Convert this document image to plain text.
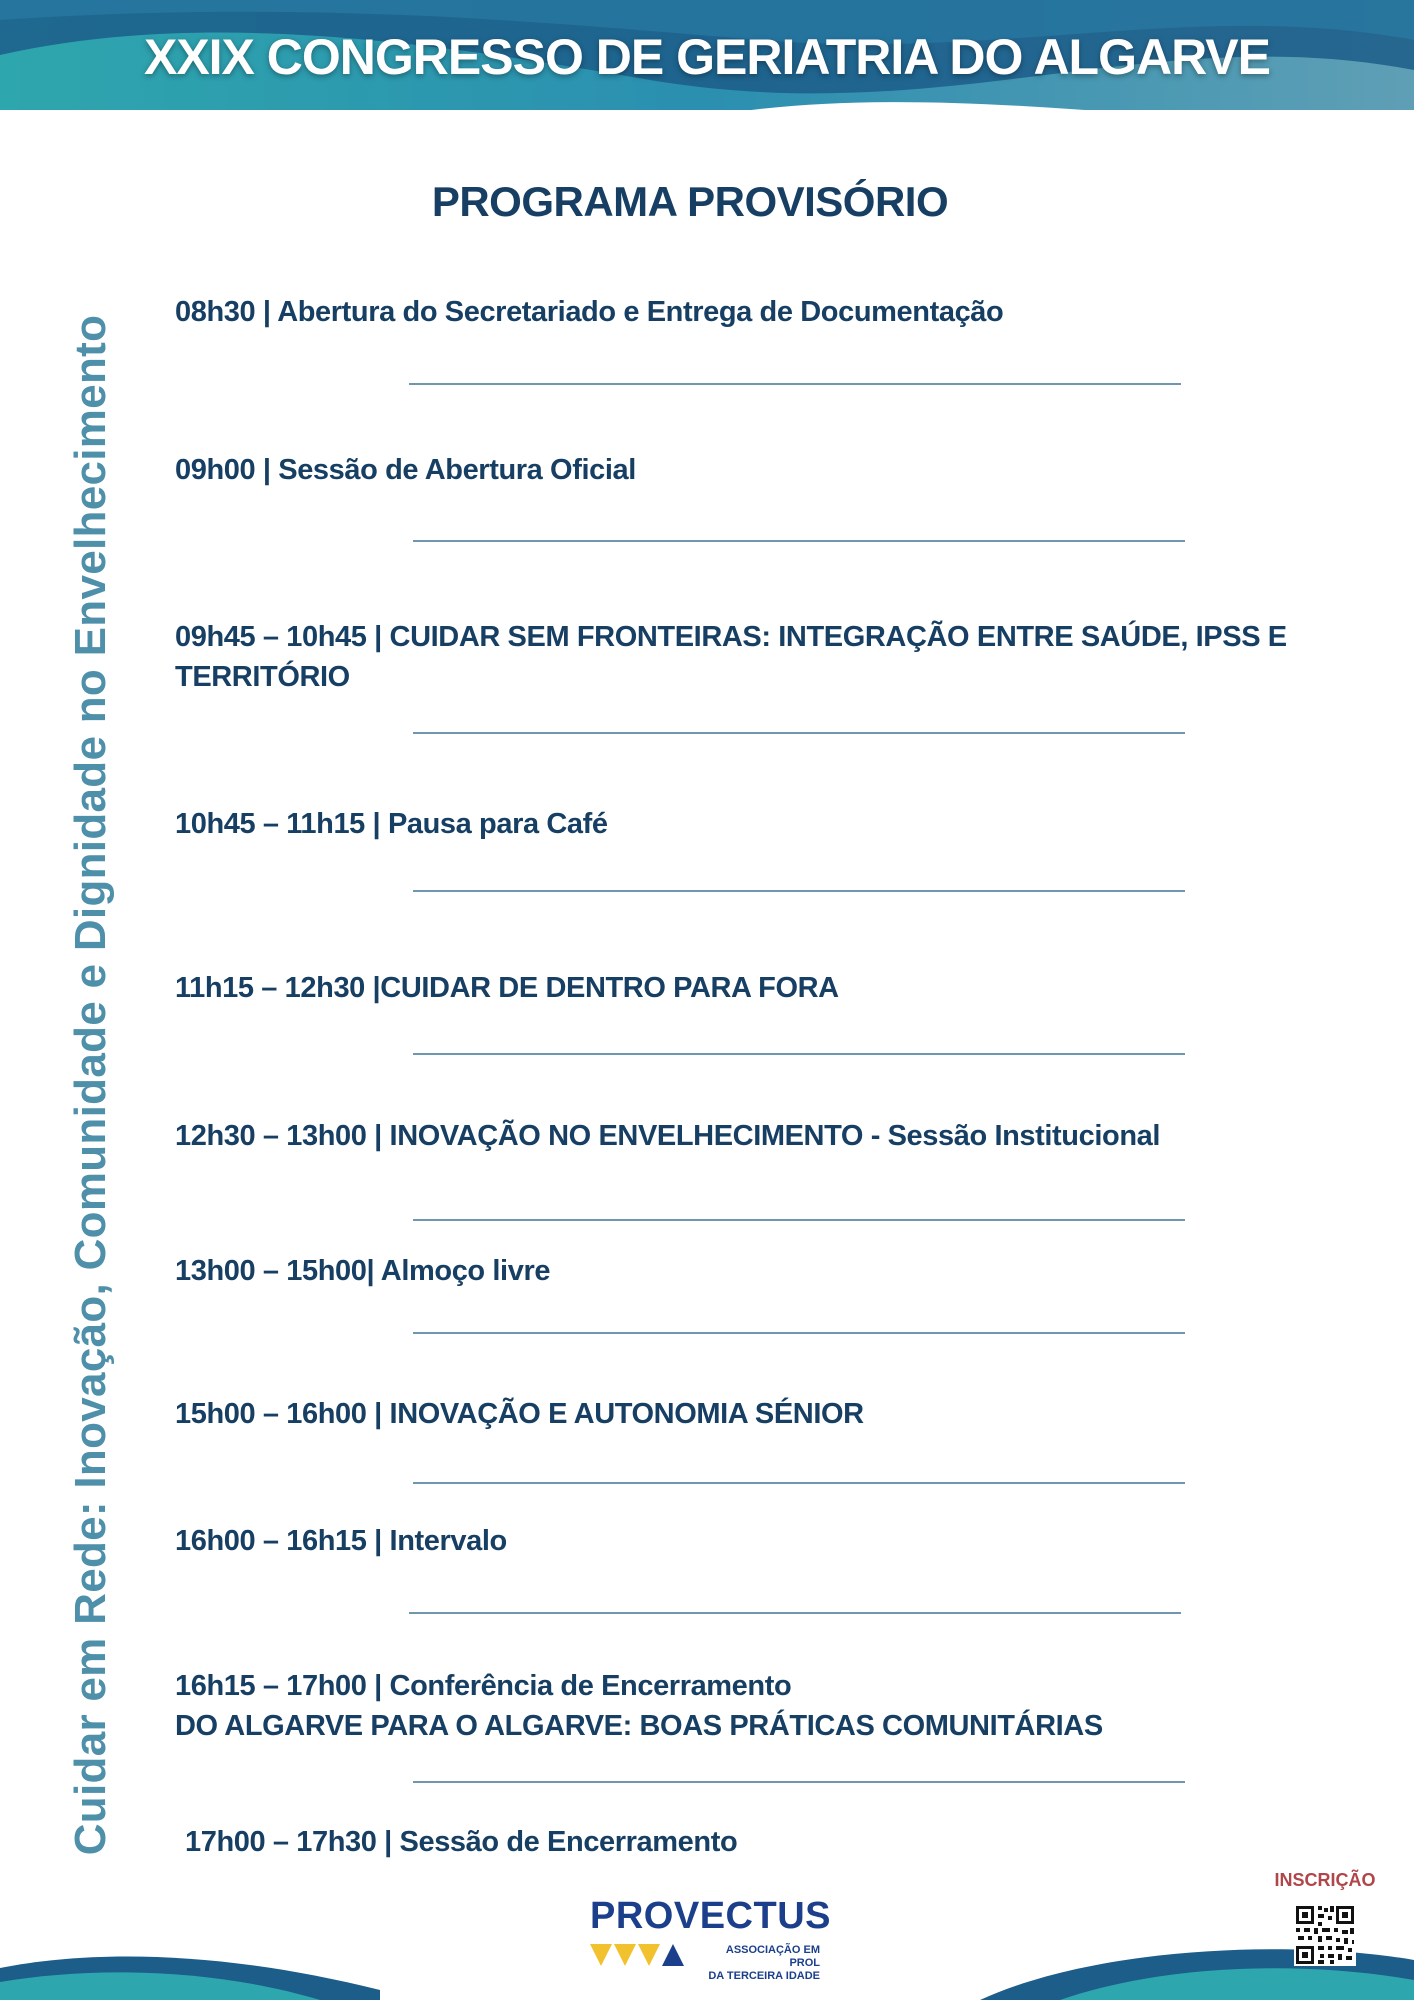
XXIX CONGRESSO DE GERIATRIA DO ALGARVE
PROGRAMA PROVISÓRIO
Cuidar em Rede: Inovação, Comunidade e Dignidade no Envelhecimento
08h30 | Abertura do Secretariado e Entrega de Documentação
09h00 | Sessão de Abertura Oficial
09h45 – 10h45 | CUIDAR SEM FRONTEIRAS: INTEGRAÇÃO ENTRE SAÚDE, IPSS E TERRITÓRIO
10h45 – 11h15 | Pausa para Café
11h15 – 12h30 |CUIDAR DE DENTRO PARA FORA
12h30 – 13h00 | INOVAÇÃO NO ENVELHECIMENTO - Sessão Institucional
13h00 – 15h00| Almoço livre
15h00 – 16h00 | INOVAÇÃO E AUTONOMIA SÉNIOR
16h00 – 16h15 | Intervalo
16h15 – 17h00 | Conferência de Encerramento
DO ALGARVE PARA O ALGARVE: BOAS PRÁTICAS COMUNITÁRIAS
17h00 – 17h30 | Sessão de Encerramento
PROVECTUS
ASSOCIAÇÃO EM PROL
DA TERCEIRA IDADE
INSCRIÇÃO
